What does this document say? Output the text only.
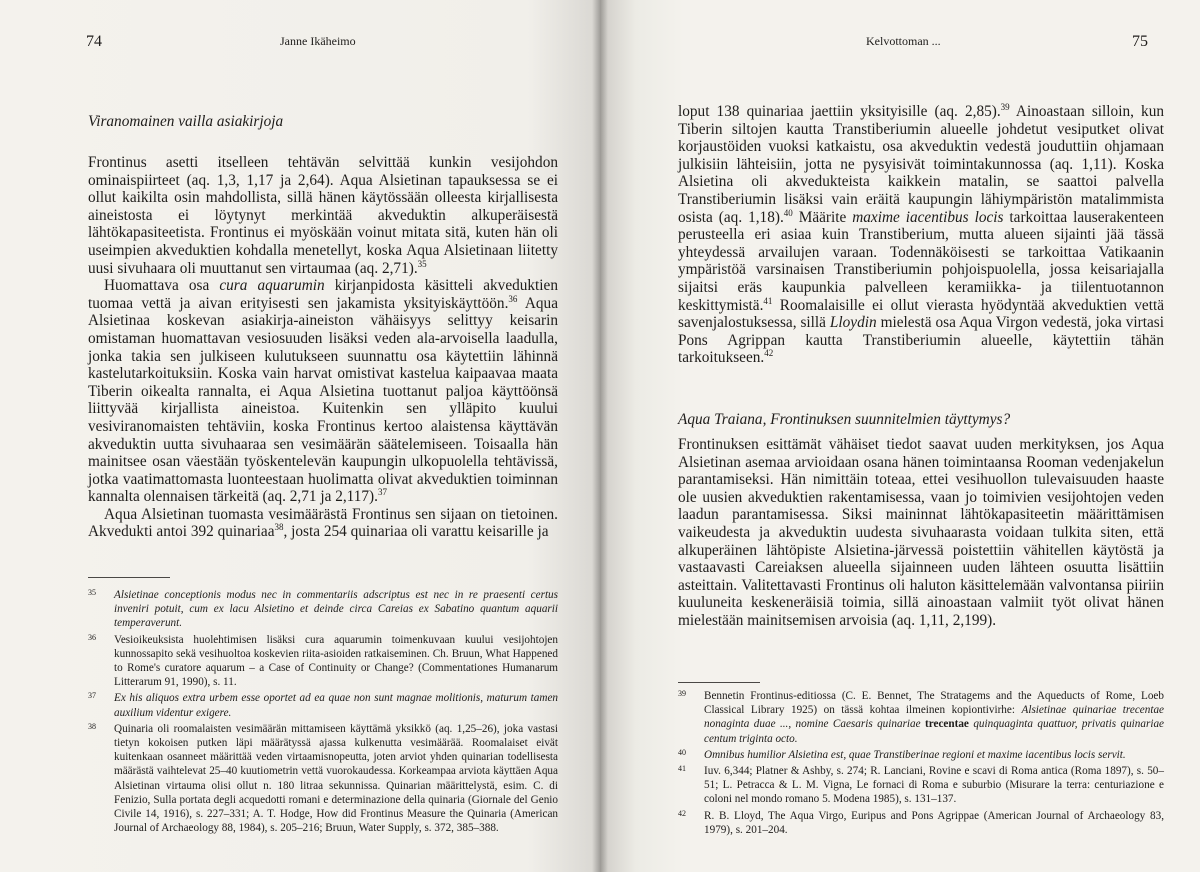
74	Janne Ikäheimo
Viranomainen vailla asiakirjoja

Frontinus asetti itselleen tehtävän selvittää kunkin vesijohdon ominaispiirteet (aq. 1,3, 1,17 ja 2,64). Aqua Alsietinan tapauksessa se ei ollut kaikilta osin mahdollista, sillä hänen käytössään olleesta kirjallisesta aineistosta ei löytynyt merkintää akveduktin alkuperäisestä lähtökapasiteetista. Frontinus ei myöskään voinut mitata sitä, kuten hän oli useimpien akveduktien kohdalla menetellyt, koska Aqua Alsietinaan liitetty uusi sivuhaara oli muuttanut sen virtaumaa (aq. 2,71).$^{35}$

Huomattava osa cura aquarumin kirjanpidosta käsitteli akveduktien tuomaa vettä ja aivan erityisesti sen jakamista yksityiskäyttöön.$^{36}$ Aqua Alsietinaa koskevan asiakirja-aineiston vähäisyys selittyy keisarin omistaman huomattavan vesiosuuden lisäksi veden ala-arvoisella laadulla, jonka takia sen julkiseen kulutukseen suunnattu osa käytettiin lähinnä kastelutarkoituksiin. Koska vain harvat omistivat kastelua kaipaavaa maata Tiberin oikealta rannalta, ei Aqua Alsietina tuottanut paljoa käyttöönsä liittyvää kirjallista aineistoa. Kuitenkin sen ylläpito kuului vesiviranomaisten tehtäviin, koska Frontinus kertoo alaistensa käyttävän akveduktin uutta sivuhaaraa sen vesimäärän säätelemiseen. Toisaalla hän mainitsee osan väestään työskentelevän kaupungin ulkopuolella tehtävissä, jotka vaatimattomasta luonteestaan huolimatta olivat akveduktien toiminnan kannalta olennaisen tärkeitä (aq. 2,71 ja 2,117).$^{37}$

Aqua Alsietinan tuomasta vesimäärästä Frontinus sen sijaan on tietoinen. Akvedukti antoi 392 quinariaa$^{38}$, josta 254 quinariaa oli varattu keisarille ja

35 Alsietinae conceptionis modus nec in commentariis adscriptus est nec in re praesenti certus inveniri potuit, cum ex lacu Alsietino et deinde circa Careias ex Sabatino quantum aquarii temperaverunt.
36 Vesioikeuksista huolehtimisen lisäksi cura aquarumin toimenkuvaan kuului vesijohtojen kunnossapito sekä vesihuoltoa koskevien riita-asioiden ratkaiseminen. Ch. Bruun, What Happened to Rome's curatore aquarum – a Case of Continuity or Change? (Commentationes Humanarum Litterarum 91, 1990), s. 11.
37 Ex his aliquos extra urbem esse oportet ad ea quae non sunt magnae molitionis, maturum tamen auxilium videntur exigere.
38 Quinaria oli roomalaisten vesimäärän mittamiseen käyttämä yksikkö (aq. 1,25–26), joka vastasi tietyn kokoisen putken läpi määrätyssä ajassa kulkenutta vesimäärää. Roomalaiset eivät kuitenkaan osanneet määrittää veden virtaamisnopeutta, joten arviot yhden quinarian todellisesta määrästä vaihtelevat 25–40 kuutiometrin vettä vuorokaudessa. Korkeampaa arviota käyttäen Aqua Alsietinan virtauma olisi ollut n. 180 litraa sekunnissa. Quinarian määrittelystä, esim. C. di Fenizio, Sulla portata degli acquedotti romani e determinazione della quinaria (Giornale del Genio Civile 14, 1916), s. 227–331; A. T. Hodge, How did Frontinus Measure the Quinaria (American Journal of Archaeology 88, 1984), s. 205–216; Bruun, Water Supply, s. 372, 385–388.
Kelvottoman ...	75

loput 138 quinariaa jaettiin yksityisille (aq. 2,85).$^{39}$ Ainoastaan silloin, kun Tiberin siltojen kautta Transtiberiumin alueelle johdetut vesiputket olivat korjaustöiden vuoksi katkaistu, osa akveduktin vedestä jouduttiin ohjamaan julkisiin lähteisiin, jotta ne pysyisivät toimintakunnossa (aq. 1,11). Koska Alsietina oli akvedukteista kaikkein matalin, se saattoi palvella Transtiberiumin lisäksi vain eräitä kaupungin lähiympäristön matalimmista osista (aq. 1,18).$^{40}$ Määrite maxime iacentibus locis tarkoittaa lauserakenteen perusteella eri asiaa kuin Transtiberium, mutta alueen sijainti jää tässä yhteydessä arvailujen varaan. Todennäköisesti se tarkoittaa Vatikaanin ympäristöä varsinaisen Transtiberiumin pohjoispuolella, jossa keisariajalla sijaitsi eräs kaupunkia palvelleen keramiikka- ja tiilentuotannon keskittymistä.$^{41}$ Roomalaisille ei ollut vierasta hyödyntää akveduktien vettä savenjalostuksessa, sillä Lloydin mielestä osa Aqua Virgon vedestä, joka virtasi Pons Agrippan kautta Transtiberiumin alueelle, käytettiin tähän tarkoitukseen.$^{42}$

Aqua Traiana, Frontinuksen suunnitelmien täyttymys?

Frontinuksen esittämät vähäiset tiedot saavat uuden merkityksen, jos Aqua Alsietinan asemaa arvioidaan osana hänen toimintaansa Rooman vedenjakelun parantamiseksi. Hän nimittäin toteaa, ettei vesihuollon tulevaisuuden haaste ole uusien akveduktien rakentamisessa, vaan jo toimivien vesijohtojen veden laadun parantamisessa. Siksi maininnat lähtökapasiteetin määrittämisen vaikeudesta ja akveduktin uudesta sivuhaarasta voidaan tulkita siten, että alkuperäinen lähtöpiste Alsietina-järvessä poistettiin vähitellen käytöstä ja vastaavasti Careiaksen alueella sijainneen uuden lähteen osuutta lisättiin asteittain. Valitettavasti Frontinus oli haluton käsittelemään valvontansa piiriin kuuluneita keskeneräisiä toimia, sillä ainoastaan valmiit työt olivat hänen mielestään mainitsemisen arvoisia (aq. 1,11, 2,199).

39 Bennetin Frontinus-editiossa (C. E. Bennet, The Stratagems and the Aqueducts of Rome, Loeb Classical Library 1925) on tässä kohtaa ilmeinen kopiontivirhe: Alsietinae quinariae trecentae nonaginta duae ..., nomine Caesaris quinariae trecentae quinquaginta quattuor, privatis quinariae centum triginta octo.
40 Omnibus humilior Alsietina est, quae Transtiberinae regioni et maxime iacentibus locis servit.
41 Iuv. 6,344; Platner & Ashby, s. 274; R. Lanciani, Rovine e scavi di Roma antica (Roma 1897), s. 50–51; L. Petracca & L. M. Vigna, Le fornaci di Roma e suburbio (Misurare la terra: centuriazione e coloni nel mondo romano 5. Modena 1985), s. 131–137.
42 R. B. Lloyd, The Aqua Virgo, Euripus and Pons Agrippae (American Journal of Archaeology 83, 1979), s. 201–204.
